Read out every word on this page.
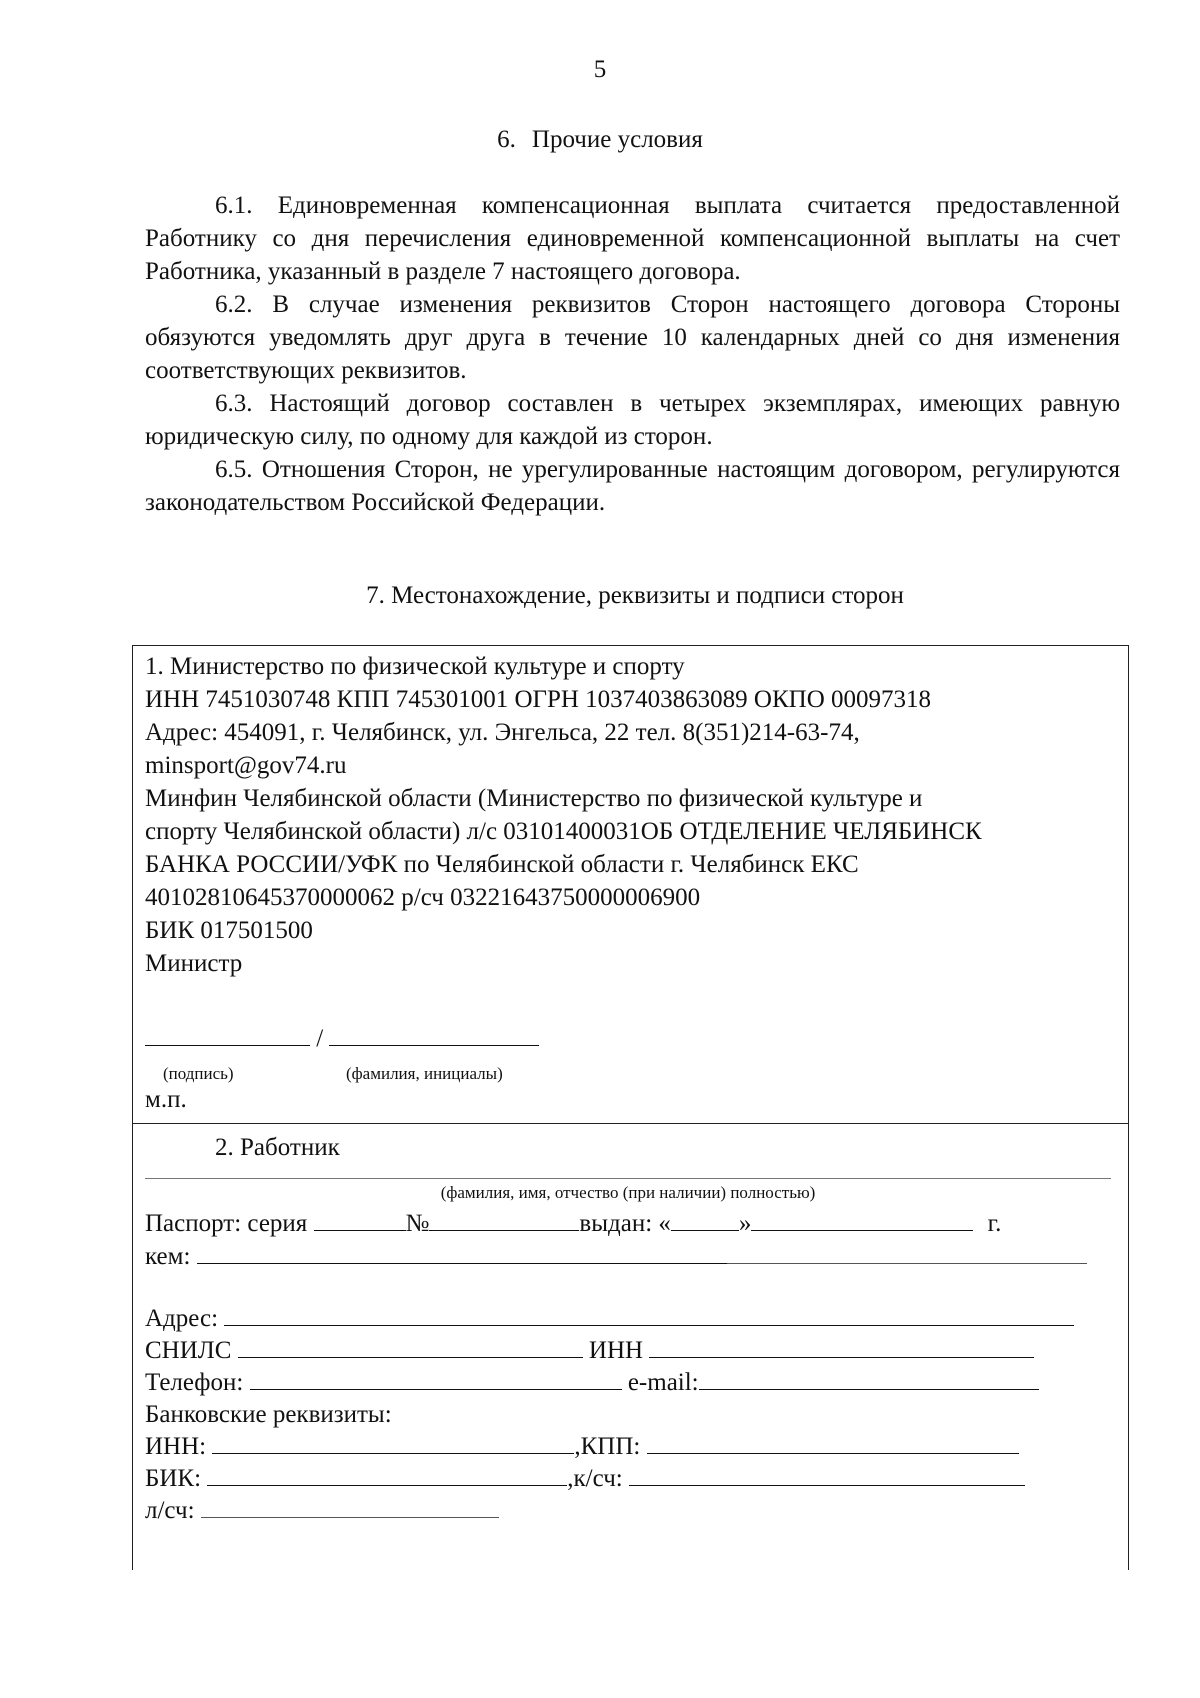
5
6. Прочие условия

6.1. Единовременная компенсационная выплата считается предоставленной Работнику со дня перечисления единовременной компенсационной выплаты на счет Работника, указанный в разделе 7 настоящего договора.

6.2. В случае изменения реквизитов Сторон настоящего договора Стороны обязуются уведомлять друг друга в течение 10 календарных дней со дня изменения соответствующих реквизитов.

6.3. Настоящий договор составлен в четырех экземплярах, имеющих равную юридическую силу, по одному для каждой из сторон.

6.5. Отношения Сторон, не урегулированные настоящим договором, регулируются законодательством Российской Федерации.

7. Местонахождение, реквизиты и подписи сторон
1. Министерство по физической культуре и спорту
ИНН 7451030748 КПП 745301001 ОГРН 1037403863089 ОКПО 00097318
Адрес: 454091, г. Челябинск, ул. Энгельса, 22 тел. 8(351)214-63-74,
minsport@gov74.ru
Минфин Челябинской области (Министерство по физической культуре и
спорту Челябинской области) л/с 03101400031ОБ ОТДЕЛЕНИЕ ЧЕЛЯБИНСК
БАНКА РОССИИ/УФК по Челябинской области г. Челябинск ЕКС
40102810645370000062 р/сч 03221643750000006900
БИК 017501500
Министр
/
(подпись)	(фамилия, инициалы)
м.п.
2. Работник
(фамилия, имя, отчество (при наличии) полностью)
Паспорт: серия	№	выдан: «	»	г.
кем:
Адрес:
СНИЛС	ИНН
Телефон:	e-mail:
Банковские реквизиты:
ИНН:	,КПП:
БИК:	,к/сч:
л/сч:
